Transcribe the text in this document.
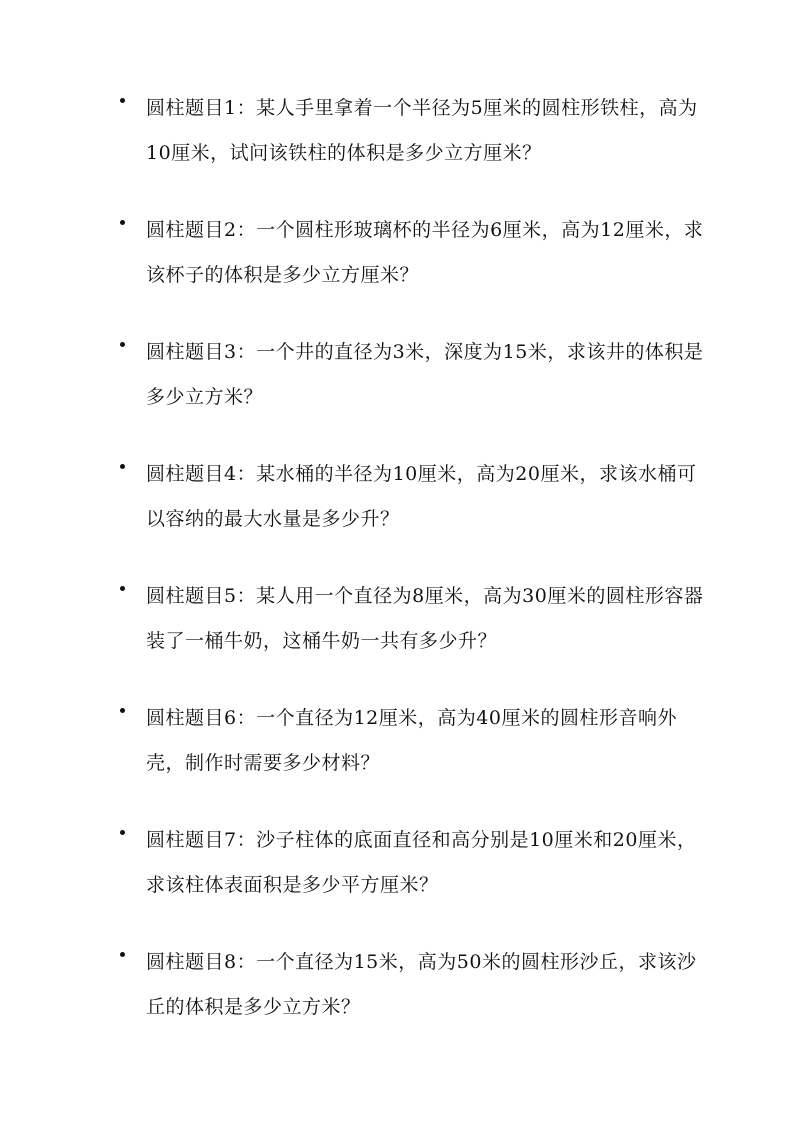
圆柱题目1：某人手里拿着一个半径为5厘米的圆柱形铁柱，高为10厘米，试问该铁柱的体积是多少立方厘米？
圆柱题目2：一个圆柱形玻璃杯的半径为6厘米，高为12厘米，求该杯子的体积是多少立方厘米？
圆柱题目3：一个井的直径为3米，深度为15米，求该井的体积是多少立方米？
圆柱题目4：某水桶的半径为10厘米，高为20厘米，求该水桶可以容纳的最大水量是多少升？
圆柱题目5：某人用一个直径为8厘米，高为30厘米的圆柱形容器装了一桶牛奶，这桶牛奶一共有多少升？
圆柱题目6：一个直径为12厘米，高为40厘米的圆柱形音响外壳，制作时需要多少材料？
圆柱题目7：沙子柱体的底面直径和高分别是10厘米和20厘米，求该柱体表面积是多少平方厘米？
圆柱题目8：一个直径为15米，高为50米的圆柱形沙丘，求该沙丘的体积是多少立方米？
